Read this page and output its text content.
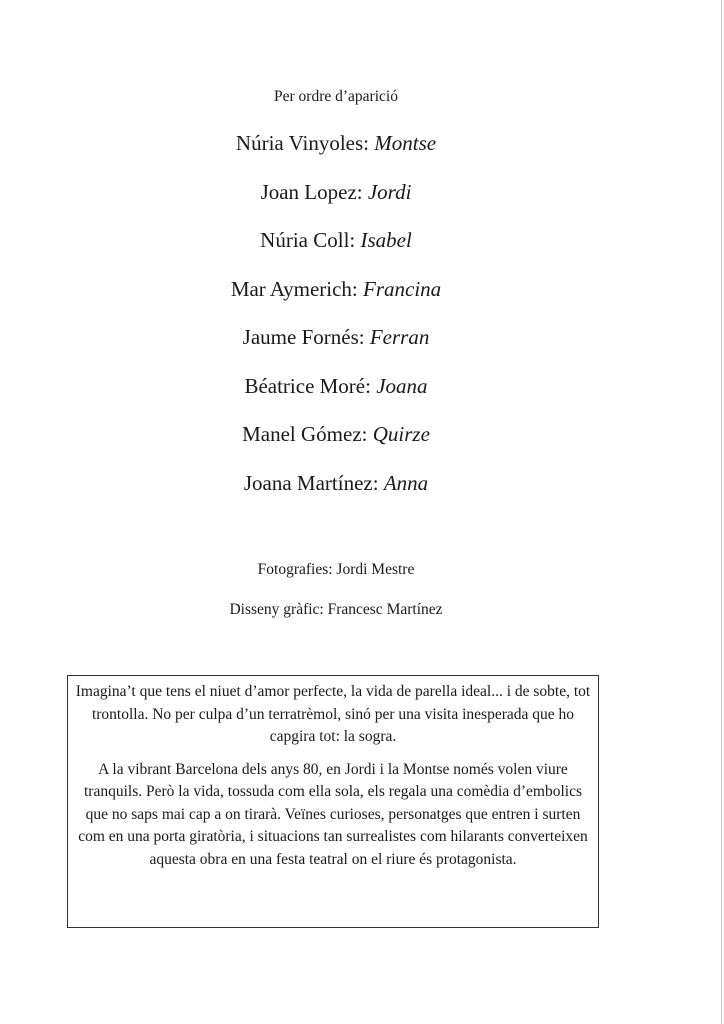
Per ordre d’aparició
Núria Vinyoles: Montse
Joan Lopez: Jordi
Núria Coll: Isabel
Mar Aymerich: Francina
Jaume Fornés: Ferran
Béatrice Moré: Joana
Manel Gómez: Quirze
Joana Martínez: Anna
Fotografies: Jordi Mestre
Disseny gràfic: Francesc Martínez

Imagina’t que tens el niuet d’amor perfecte, la vida de parella ideal... i de sobte, tot trontolla. No per culpa d’un terratrèmol, sinó per una visita inesperada que ho capgira tot: la sogra.

A la vibrant Barcelona dels anys 80, en Jordi i la Montse només volen viure tranquils. Però la vida, tossuda com ella sola, els regala una comèdia d’embolics que no saps mai cap a on tirarà. Veïnes curioses, personatges que entren i surten com en una porta giratòria, i situacions tan surrealistes com hilarants converteixen aquesta obra en una festa teatral on el riure és protagonista.
